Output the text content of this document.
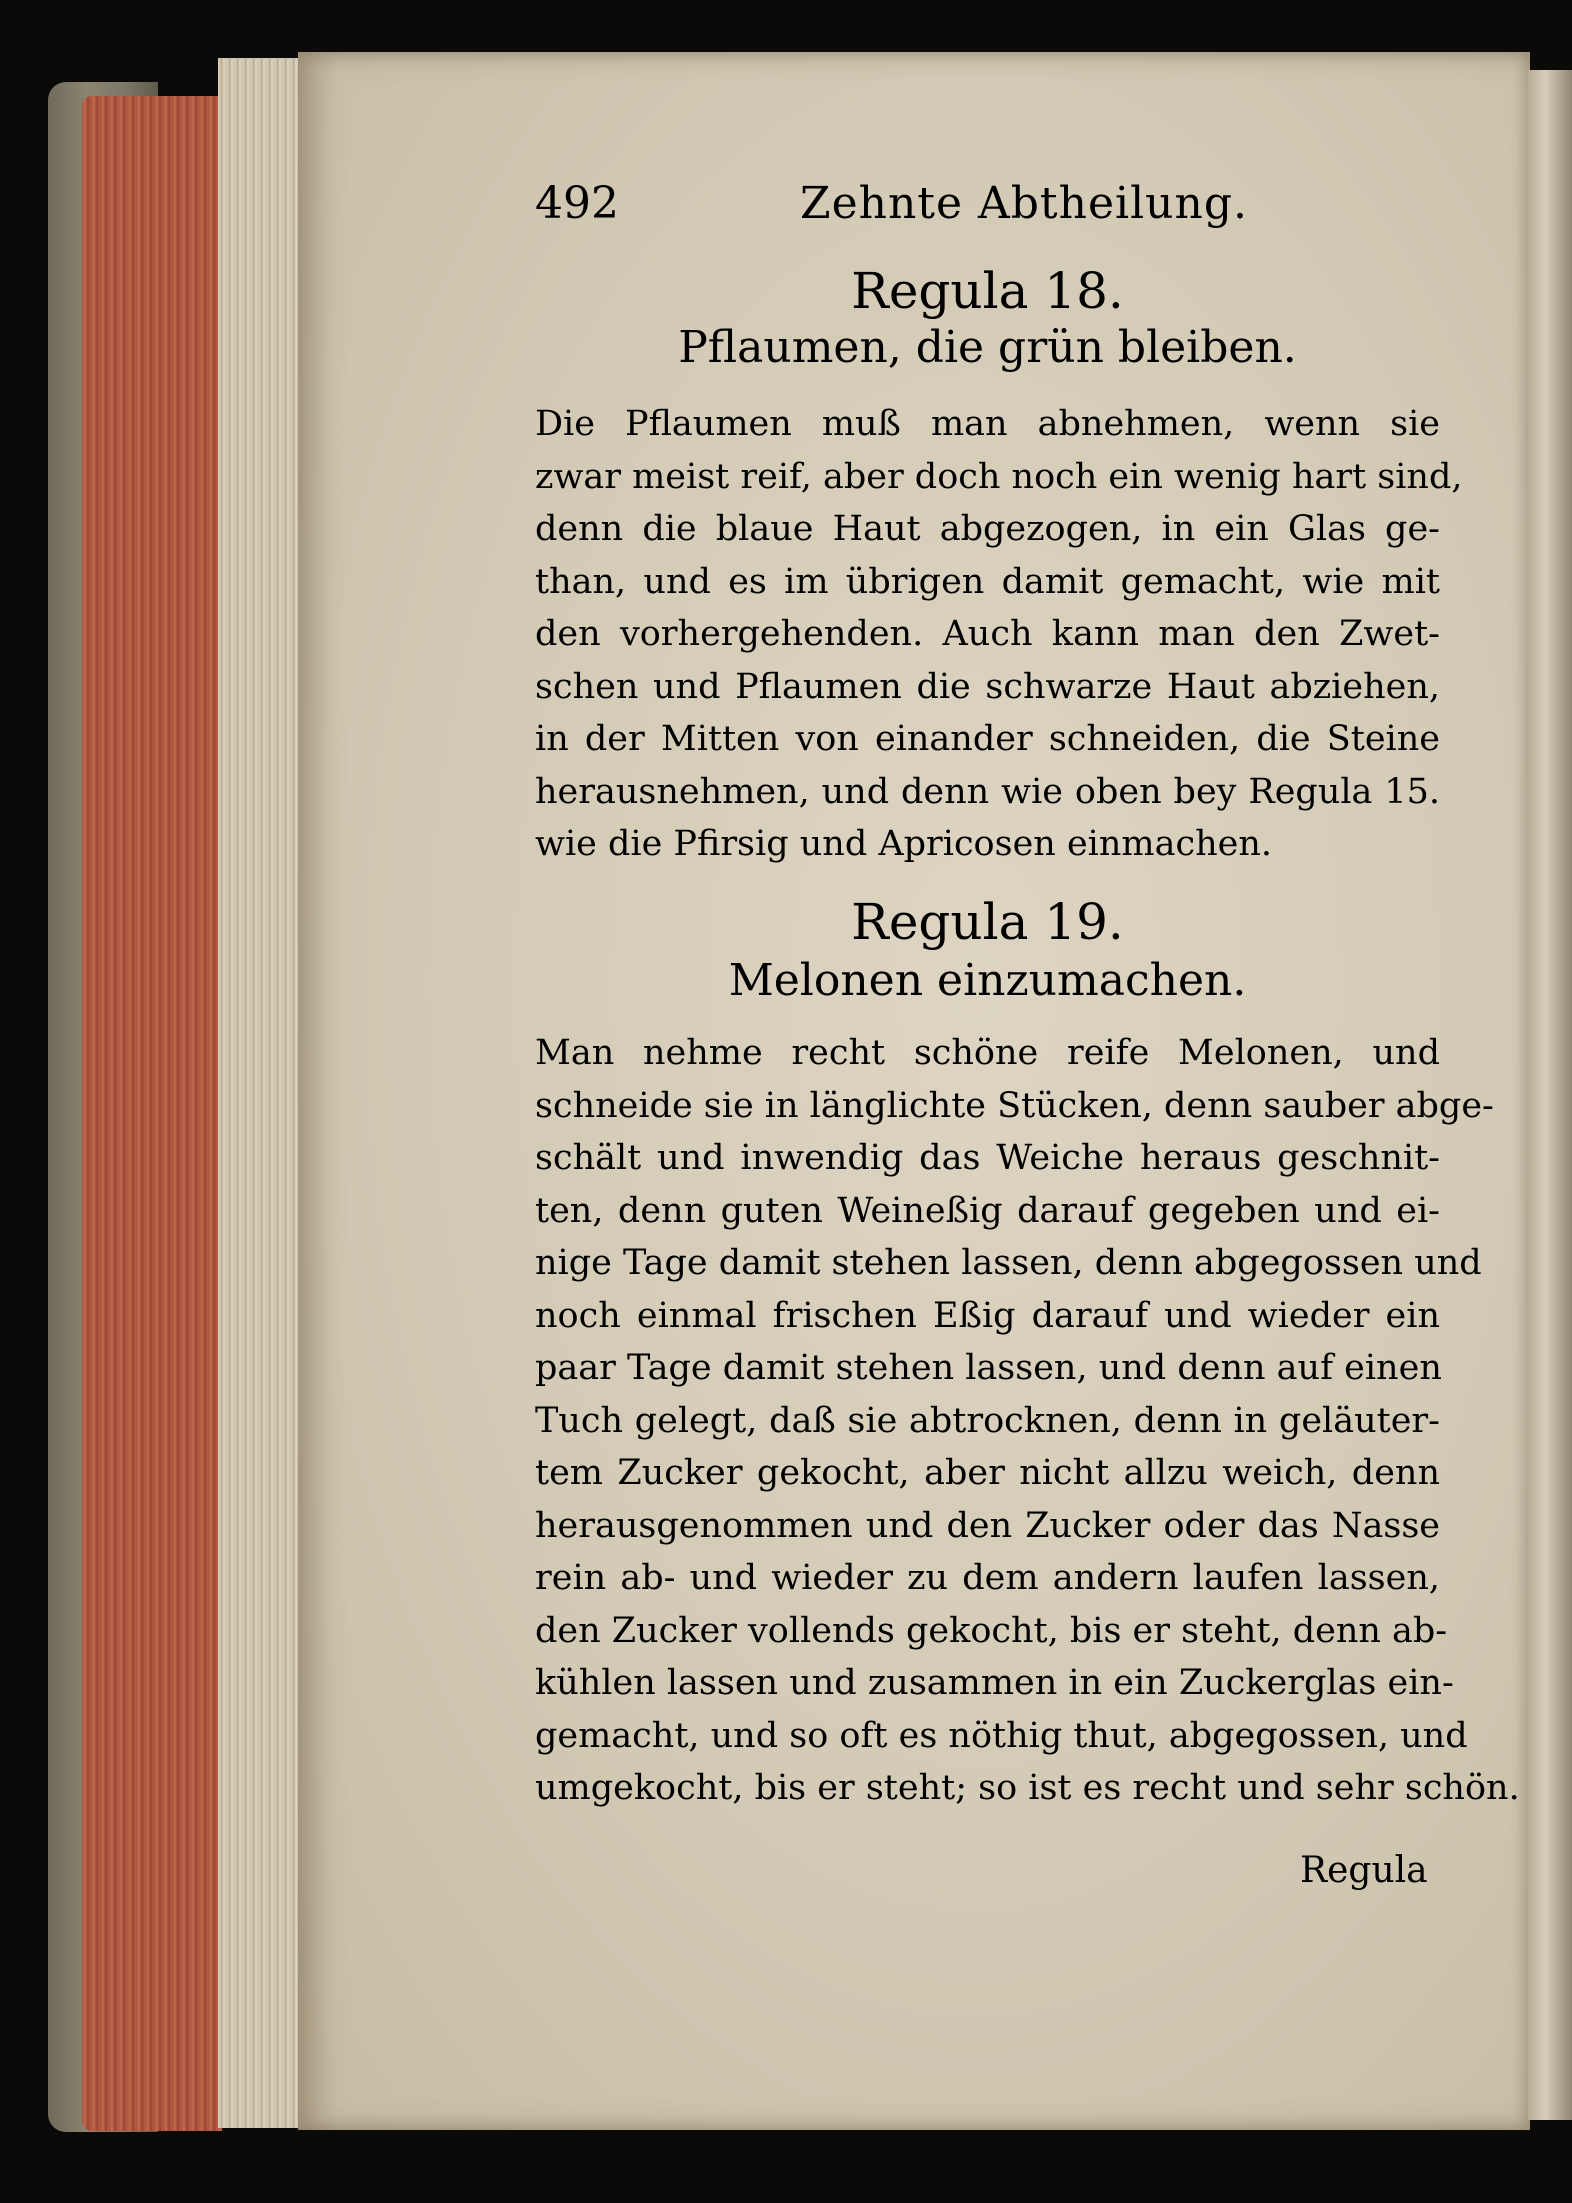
492	Zehnte Abtheilung.
Regula 18.
Pflaumen, die grün bleiben.

Die Pflaumen muß man abnehmen, wenn sie
zwar meist reif, aber doch noch ein wenig hart sind,
denn die blaue Haut abgezogen, in ein Glas ge-
than, und es im übrigen damit gemacht, wie mit
den vorhergehenden. Auch kann man den Zwet-
schen und Pflaumen die schwarze Haut abziehen,
in der Mitten von einander schneiden, die Steine
herausnehmen, und denn wie oben bey Regula 15.
wie die Pfirsig und Apricosen einmachen.

Regula 19.
Melonen einzumachen.

Man nehme recht schöne reife Melonen, und
schneide sie in länglichte Stücken, denn sauber abge-
schält und inwendig das Weiche heraus geschnit-
ten, denn guten Weineßig darauf gegeben und ei-
nige Tage damit stehen lassen, denn abgegossen und
noch einmal frischen Eßig darauf und wieder ein
paar Tage damit stehen lassen, und denn auf einen
Tuch gelegt, daß sie abtrocknen, denn in geläuter-
tem Zucker gekocht, aber nicht allzu weich, denn
herausgenommen und den Zucker oder das Nasse
rein ab- und wieder zu dem andern laufen lassen,
den Zucker vollends gekocht, bis er steht, denn ab-
kühlen lassen und zusammen in ein Zuckerglas ein-
gemacht, und so oft es nöthig thut, abgegossen, und
umgekocht, bis er steht; so ist es recht und sehr schön.

Regula
